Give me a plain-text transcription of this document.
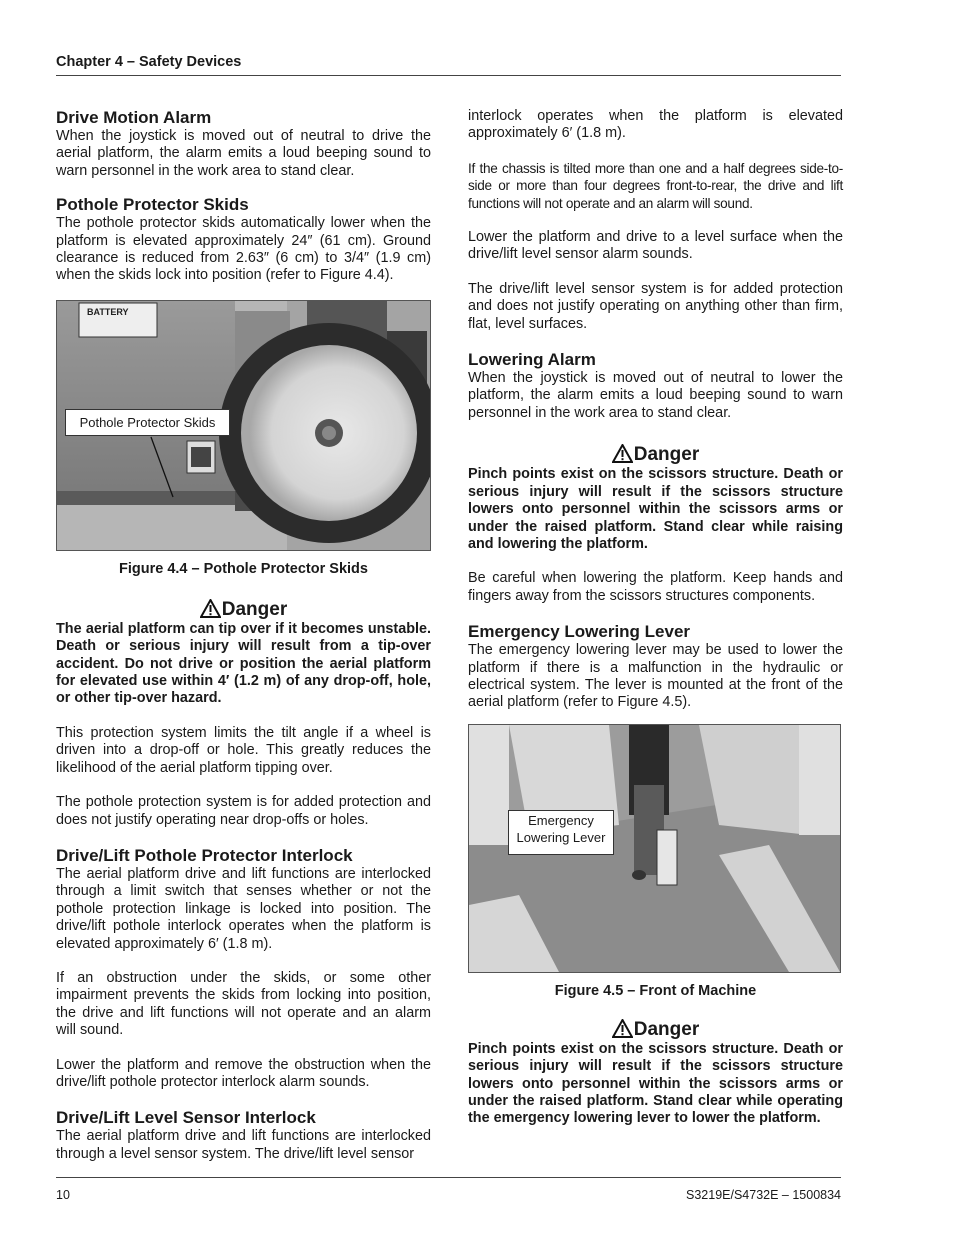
Chapter 4 – Safety Devices
Drive Motion Alarm

When the joystick is moved out of neutral to drive the aerial platform, the alarm emits a loud beeping sound to warn personnel in the work area to stand clear.

Pothole Protector Skids

The pothole protector skids automatically lower when the platform is elevated approximately 24″ (61 cm). Ground clearance is reduced from 2.63″ (6 cm) to 3/4″ (1.9 cm) when the skids lock into position (refer to Figure 4.4).

BATTERY
Pothole Protector Skids
Figure 4.4 – Pothole Protector Skids
Danger

The aerial platform can tip over if it becomes unstable. Death or serious injury will result from a tip-over accident. Do not drive or position the aerial platform for elevated use within 4′ (1.2 m) of any drop-off, hole, or other tip-over hazard.

This protection system limits the tilt angle if a wheel is driven into a drop-off or hole. This greatly reduces the likelihood of the aerial platform tipping over.

The pothole protection system is for added protection and does not justify operating near drop-offs or holes.

Drive/Lift Pothole Protector Interlock

The aerial platform drive and lift functions are interlocked through a limit switch that senses whether or not the pothole protection linkage is locked into position. The drive/lift pothole interlock operates when the platform is elevated approximately 6′ (1.8 m).

If an obstruction under the skids, or some other impairment prevents the skids from locking into position, the drive and lift functions will not operate and an alarm will sound.

Lower the platform and remove the obstruction when the drive/lift pothole protector interlock alarm sounds.

Drive/Lift Level Sensor Interlock

The aerial platform drive and lift functions are interlocked through a level sensor system. The drive/lift level sensor

interlock operates when the platform is elevated approximately 6′ (1.8 m).

If the chassis is tilted more than one and a half degrees side-to-side or more than four degrees front-to-rear, the drive and lift functions will not operate and an alarm will sound.

Lower the platform and drive to a level surface when the drive/lift level sensor alarm sounds.

The drive/lift level sensor system is for added protection and does not justify operating on anything other than firm, flat, level surfaces.

Lowering Alarm

When the joystick is moved out of neutral to lower the platform, the alarm emits a loud beeping sound to warn personnel in the work area to stand clear.

Danger

Pinch points exist on the scissors structure. Death or serious injury will result if the scissors structure lowers onto personnel within the scissors arms or under the raised platform. Stand clear while raising and lowering the platform.

Be careful when lowering the platform. Keep hands and fingers away from the scissors structures components.

Emergency Lowering Lever

The emergency lowering lever may be used to lower the platform if there is a malfunction in the hydraulic or electrical system. The lever is mounted at the front of the aerial platform (refer to Figure 4.5).

Emergency
Lowering Lever
Figure 4.5 – Front of Machine
Danger

Pinch points exist on the scissors structure. Death or serious injury will result if the scissors structure lowers onto personnel within the scissors arms or under the raised platform. Stand clear while operating the emergency lowering lever to lower the platform.

10	S3219E/S4732E – 1500834
